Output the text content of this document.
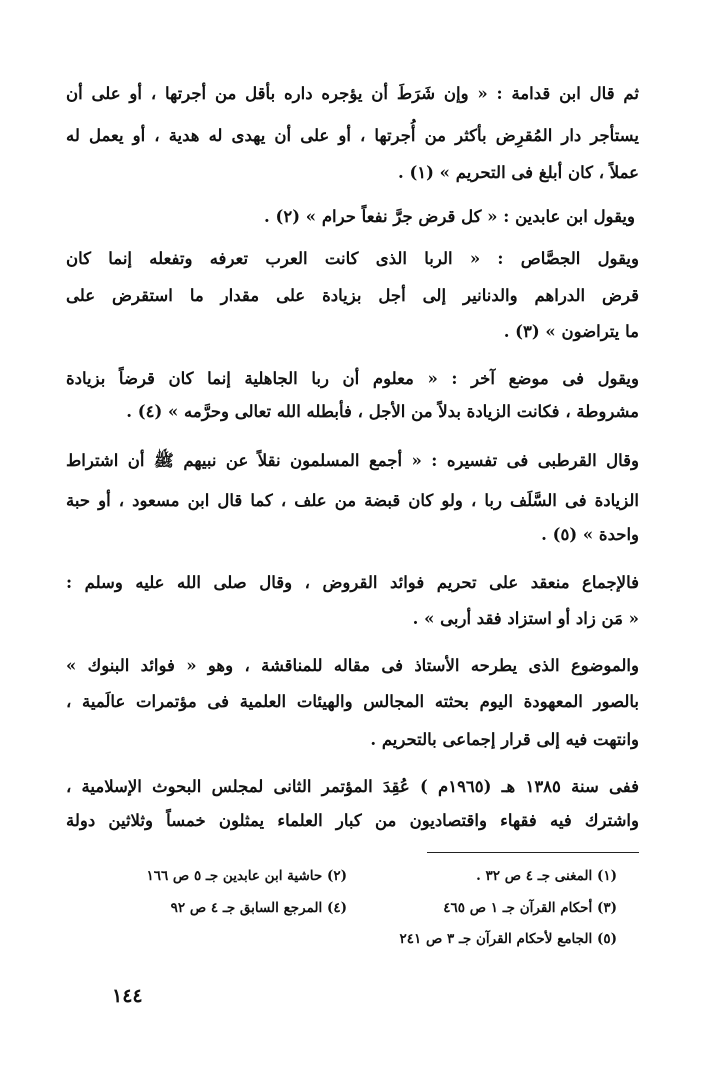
ثم قال ابن قدامة : « وإن شَرَطَ أن يؤجره داره بأقل من أجرتها ، أو على أن
يستأجر دار المُقرِض بأكثر من أُجرتها ، أو على أن يهدى له هدية ، أو يعمل له
عملاً ، كان أبلغ فى التحريم » (١) .
ويقول ابن عابدين : « كل قرض جرَّ نفعاً حرام » (٢) .
ويقول الجصَّاص : « الربا الذى كانت العرب تعرفه وتفعله إنما كان
قرض الدراهم والدنانير إلى أجل بزيادة على مقدار ما استقرض على
ما يتراضون » (٣) .
ويقول فى موضع آخر : « معلوم أن ربا الجاهلية إنما كان قرضاً بزيادة
مشروطة ، فكانت الزيادة بدلاً من الأجل ، فأبطله الله تعالى وحرَّمه » (٤) .
وقال القرطبى فى تفسيره : « أجمع المسلمون نقلاً عن نبيهم ﷺ أن اشتراط
الزيادة فى السَّلَف ربا ، ولو كان قبضة من علف ، كما قال ابن مسعود ، أو حبة
واحدة » (٥) .
فالإجماع منعقد على تحريم فوائد القروض ، وقال صلى الله عليه وسلم :
« مَن زاد أو استزاد فقد أربى » .
والموضوع الذى يطرحه الأستاذ فى مقاله للمناقشة ، وهو « فوائد البنوك »
بالصور المعهودة اليوم بحثته المجالس والهيئات العلمية فى مؤتمرات عالَمية ،
وانتهت فيه إلى قرار إجماعى بالتحريم .
ففى سنة ١٣٨٥ هـ (١٩٦٥م ) عُقِدَ المؤتمر الثانى لمجلس البحوث الإسلامية ،
واشترك فيه فقهاء واقتصاديون من كبار العلماء يمثلون خمساً وثلاثين دولة
(١) المغنى جـ ٤ ص ٣٢ .
(٢) حاشية ابن عابدين جـ ٥ ص ١٦٦
(٣) أحكام القرآن جـ ١ ص ٤٦٥
(٤) المرجع السابق جـ ٤ ص ٩٢
(٥) الجامع لأحكام القرآن جـ ٣ ص ٢٤١
١٤٤
